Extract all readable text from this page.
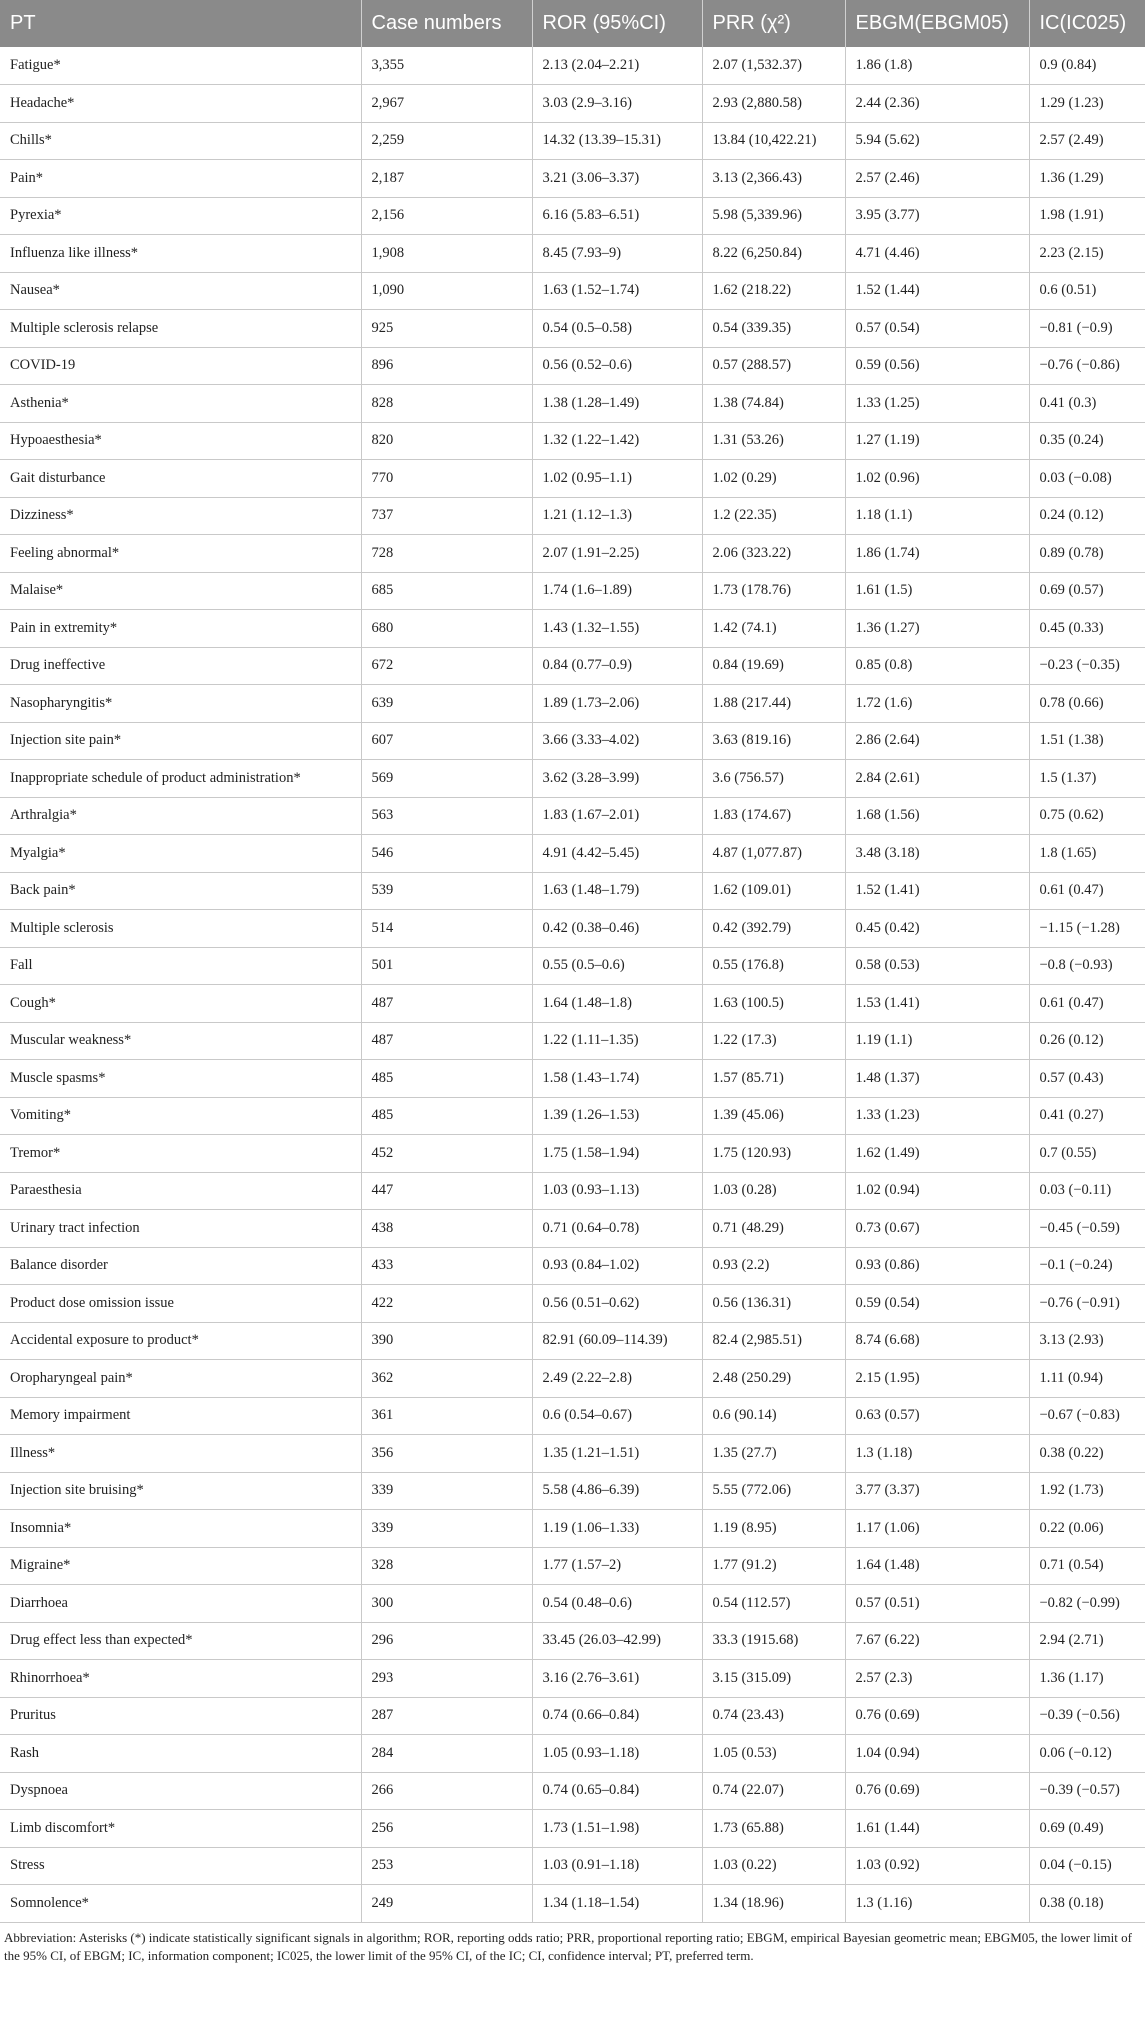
PT	Case numbers	ROR (95%CI)	PRR (χ²)	EBGM(EBGM05)	IC(IC025)
Fatigue*	3,355	2.13 (2.04–2.21)	2.07 (1,532.37)	1.86 (1.8)	0.9 (0.84)
Headache*	2,967	3.03 (2.9–3.16)	2.93 (2,880.58)	2.44 (2.36)	1.29 (1.23)
Chills*	2,259	14.32 (13.39–15.31)	13.84 (10,422.21)	5.94 (5.62)	2.57 (2.49)
Pain*	2,187	3.21 (3.06–3.37)	3.13 (2,366.43)	2.57 (2.46)	1.36 (1.29)
Pyrexia*	2,156	6.16 (5.83–6.51)	5.98 (5,339.96)	3.95 (3.77)	1.98 (1.91)
Influenza like illness*	1,908	8.45 (7.93–9)	8.22 (6,250.84)	4.71 (4.46)	2.23 (2.15)
Nausea*	1,090	1.63 (1.52–1.74)	1.62 (218.22)	1.52 (1.44)	0.6 (0.51)
Multiple sclerosis relapse	925	0.54 (0.5–0.58)	0.54 (339.35)	0.57 (0.54)	−0.81 (−0.9)
COVID-19	896	0.56 (0.52–0.6)	0.57 (288.57)	0.59 (0.56)	−0.76 (−0.86)
Asthenia*	828	1.38 (1.28–1.49)	1.38 (74.84)	1.33 (1.25)	0.41 (0.3)
Hypoaesthesia*	820	1.32 (1.22–1.42)	1.31 (53.26)	1.27 (1.19)	0.35 (0.24)
Gait disturbance	770	1.02 (0.95–1.1)	1.02 (0.29)	1.02 (0.96)	0.03 (−0.08)
Dizziness*	737	1.21 (1.12–1.3)	1.2 (22.35)	1.18 (1.1)	0.24 (0.12)
Feeling abnormal*	728	2.07 (1.91–2.25)	2.06 (323.22)	1.86 (1.74)	0.89 (0.78)
Malaise*	685	1.74 (1.6–1.89)	1.73 (178.76)	1.61 (1.5)	0.69 (0.57)
Pain in extremity*	680	1.43 (1.32–1.55)	1.42 (74.1)	1.36 (1.27)	0.45 (0.33)
Drug ineffective	672	0.84 (0.77–0.9)	0.84 (19.69)	0.85 (0.8)	−0.23 (−0.35)
Nasopharyngitis*	639	1.89 (1.73–2.06)	1.88 (217.44)	1.72 (1.6)	0.78 (0.66)
Injection site pain*	607	3.66 (3.33–4.02)	3.63 (819.16)	2.86 (2.64)	1.51 (1.38)
Inappropriate schedule of product administration*	569	3.62 (3.28–3.99)	3.6 (756.57)	2.84 (2.61)	1.5 (1.37)
Arthralgia*	563	1.83 (1.67–2.01)	1.83 (174.67)	1.68 (1.56)	0.75 (0.62)
Myalgia*	546	4.91 (4.42–5.45)	4.87 (1,077.87)	3.48 (3.18)	1.8 (1.65)
Back pain*	539	1.63 (1.48–1.79)	1.62 (109.01)	1.52 (1.41)	0.61 (0.47)
Multiple sclerosis	514	0.42 (0.38–0.46)	0.42 (392.79)	0.45 (0.42)	−1.15 (−1.28)
Fall	501	0.55 (0.5–0.6)	0.55 (176.8)	0.58 (0.53)	−0.8 (−0.93)
Cough*	487	1.64 (1.48–1.8)	1.63 (100.5)	1.53 (1.41)	0.61 (0.47)
Muscular weakness*	487	1.22 (1.11–1.35)	1.22 (17.3)	1.19 (1.1)	0.26 (0.12)
Muscle spasms*	485	1.58 (1.43–1.74)	1.57 (85.71)	1.48 (1.37)	0.57 (0.43)
Vomiting*	485	1.39 (1.26–1.53)	1.39 (45.06)	1.33 (1.23)	0.41 (0.27)
Tremor*	452	1.75 (1.58–1.94)	1.75 (120.93)	1.62 (1.49)	0.7 (0.55)
Paraesthesia	447	1.03 (0.93–1.13)	1.03 (0.28)	1.02 (0.94)	0.03 (−0.11)
Urinary tract infection	438	0.71 (0.64–0.78)	0.71 (48.29)	0.73 (0.67)	−0.45 (−0.59)
Balance disorder	433	0.93 (0.84–1.02)	0.93 (2.2)	0.93 (0.86)	−0.1 (−0.24)
Product dose omission issue	422	0.56 (0.51–0.62)	0.56 (136.31)	0.59 (0.54)	−0.76 (−0.91)
Accidental exposure to product*	390	82.91 (60.09–114.39)	82.4 (2,985.51)	8.74 (6.68)	3.13 (2.93)
Oropharyngeal pain*	362	2.49 (2.22–2.8)	2.48 (250.29)	2.15 (1.95)	1.11 (0.94)
Memory impairment	361	0.6 (0.54–0.67)	0.6 (90.14)	0.63 (0.57)	−0.67 (−0.83)
Illness*	356	1.35 (1.21–1.51)	1.35 (27.7)	1.3 (1.18)	0.38 (0.22)
Injection site bruising*	339	5.58 (4.86–6.39)	5.55 (772.06)	3.77 (3.37)	1.92 (1.73)
Insomnia*	339	1.19 (1.06–1.33)	1.19 (8.95)	1.17 (1.06)	0.22 (0.06)
Migraine*	328	1.77 (1.57–2)	1.77 (91.2)	1.64 (1.48)	0.71 (0.54)
Diarrhoea	300	0.54 (0.48–0.6)	0.54 (112.57)	0.57 (0.51)	−0.82 (−0.99)
Drug effect less than expected*	296	33.45 (26.03–42.99)	33.3 (1915.68)	7.67 (6.22)	2.94 (2.71)
Rhinorrhoea*	293	3.16 (2.76–3.61)	3.15 (315.09)	2.57 (2.3)	1.36 (1.17)
Pruritus	287	0.74 (0.66–0.84)	0.74 (23.43)	0.76 (0.69)	−0.39 (−0.56)
Rash	284	1.05 (0.93–1.18)	1.05 (0.53)	1.04 (0.94)	0.06 (−0.12)
Dyspnoea	266	0.74 (0.65–0.84)	0.74 (22.07)	0.76 (0.69)	−0.39 (−0.57)
Limb discomfort*	256	1.73 (1.51–1.98)	1.73 (65.88)	1.61 (1.44)	0.69 (0.49)
Stress	253	1.03 (0.91–1.18)	1.03 (0.22)	1.03 (0.92)	0.04 (−0.15)
Somnolence*	249	1.34 (1.18–1.54)	1.34 (18.96)	1.3 (1.16)	0.38 (0.18)
Abbreviation: Asterisks (*) indicate statistically significant signals in algorithm; ROR, reporting odds ratio; PRR, proportional reporting ratio; EBGM, empirical Bayesian geometric mean; EBGM05, the lower limit of the 95% CI, of EBGM; IC, information component; IC025, the lower limit of the 95% CI, of the IC; CI, confidence interval; PT, preferred term.
